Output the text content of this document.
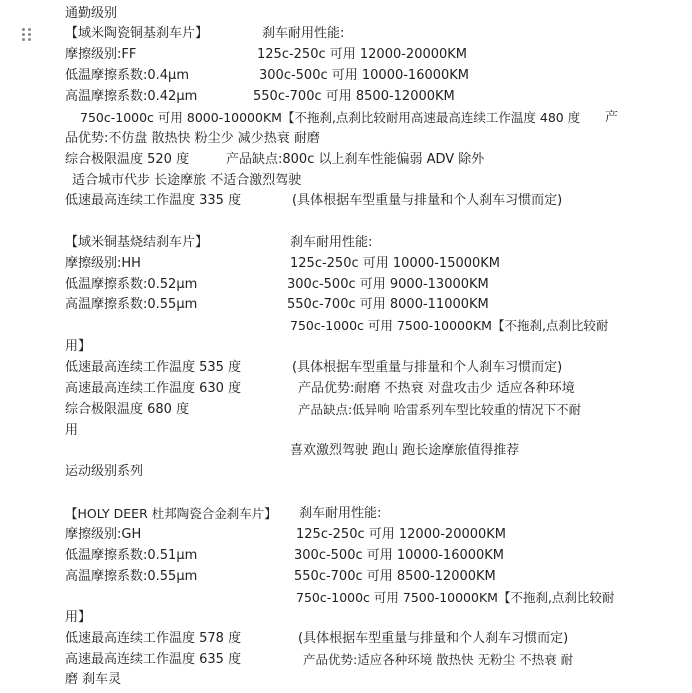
通勤级别
【域米陶瓷铜基刹车片】	刹车耐用性能:
摩擦级别:FF	125c-250c 可用 12000-20000KM
低温摩擦系数:0.4μm	300c-500c 可用 10000-16000KM
高温摩擦系数:0.42μm	550c-700c 可用 8500-12000KM
750c-1000c 可用 8000-10000KM【不拖刹,点刹比较耐用高速最高连续工作温度 480 度 产
品优势:不仿盘 散热快 粉尘少 减少热衰 耐磨
综合极限温度 520 度	产品缺点:800c 以上刹车性能偏弱 ADV 除外
适合城市代步 长途摩旅 不适合激烈驾驶
低速最高连续工作温度 335 度	(具体根据车型重量与排量和个人刹车习惯而定)
【域米铜基烧结刹车片】	刹车耐用性能:
摩擦级别:HH	125c-250c 可用 10000-15000KM
低温摩擦系数:0.52μm	300c-500c 可用 9000-13000KM
高温摩擦系数:0.55μm	550c-700c 可用 8000-11000KM
750c-1000c 可用 7500-10000KM【不拖刹,点刹比较耐
用】
低速最高连续工作温度 535 度	(具体根据车型重量与排量和个人刹车习惯而定)
高速最高连续工作温度 630 度	产品优势:耐磨 不热衰 对盘攻击少 适应各种环境
综合极限温度 680 度	产品缺点:低异响 哈雷系列车型比较重的情况下不耐
用
喜欢激烈驾驶 跑山 跑长途摩旅值得推荐
运动级别系列
【HOLY DEER 杜邦陶瓷合金刹车片】 刹车耐用性能:
摩擦级别:GH	125c-250c 可用 12000-20000KM
低温摩擦系数:0.51μm	300c-500c 可用 10000-16000KM
高温摩擦系数:0.55μm	550c-700c 可用 8500-12000KM
750c-1000c 可用 7500-10000KM【不拖刹,点刹比较耐
用】
低速最高连续工作温度 578 度	(具体根据车型重量与排量和个人刹车习惯而定)
高速最高连续工作温度 635 度	产品优势:适应各种环境 散热快 无粉尘 不热衰 耐
磨 刹车灵
